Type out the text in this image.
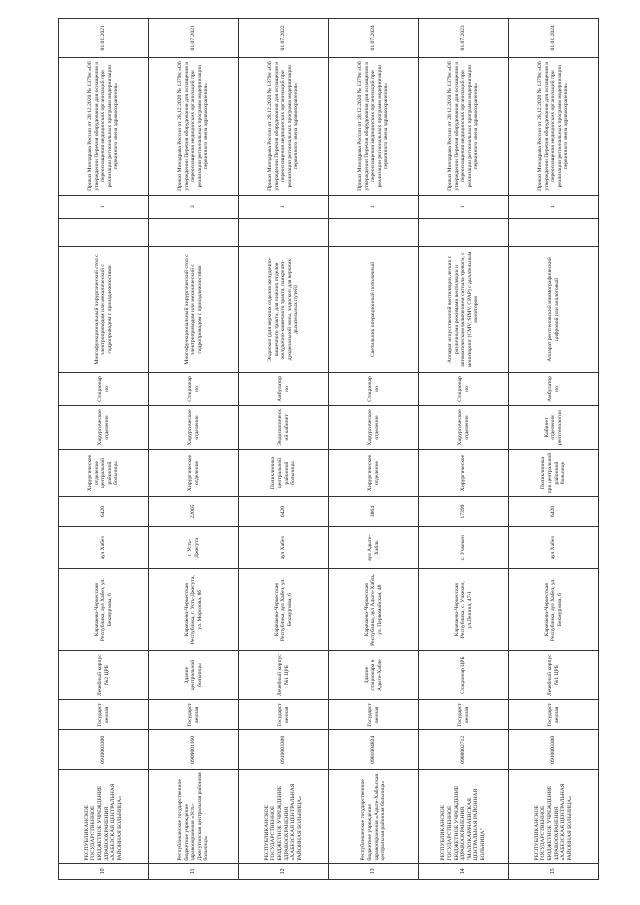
10	РЕСПУБЛИКАНСКОЕ ГОСУДАРСТВЕННОЕ БЮДЖЕТНОЕ УЧРЕЖДЕНИЕ ЗДРАВООХРАНЕНИЯ «ХАБЕЗСКАЯ ЦЕНТРАЛЬНАЯ РАЙОННАЯ БОЛЬНИЦА»	0910003300	Государственная	Лечебный корпус №2 ЦРБ	Карачаево-Черкесская Республика, аул Хабез, ул. Бекмурзова, 6	аул Хабез	6420	Хирургическое отделение центральной районной больницы	Хирургическое отделение	Стационарно	Многофункциональный хирургический стол с электроприводом или механический с гидроприводом с принадлежностями		1	Приказ Минздрава России от 28.12.2020 № 1379н «Об утверждении Перечня оборудования для оснащения и переоснащения медицинских организаций при реализации региональных программ модернизации первичного звена здравоохранения»	01.01.2021
11	Республиканское государственное бюджетное учреждение здравоохранения «Усть-Джегутинская центральная районная больница»	0909001160	Государственная	Здание центральной больницы	Карачаево-Черкесская Республика, г. Усть-Джегута, ул. Морозова, 86	г. Усть-Джегута	22005	Хирургическое отделение	Хирургическое отделение	Стационарно	Многофункциональный хирургический стол с электроприводом или механический с гидроприводом с принадлежностями		3	Приказ Минздрава России от 28.12.2020 № 1379н «Об утверждении Перечня оборудования для оснащения и переоснащения медицинских организаций при реализации региональных программ модернизации первичного звена здравоохранения»	01.07.2021
12	РЕСПУБЛИКАНСКОЕ ГОСУДАРСТВЕННОЕ БЮДЖЕТНОЕ УЧРЕЖДЕНИЕ ЗДРАВООХРАНЕНИЯ «ХАБЕЗСКАЯ ЦЕНТРАЛЬНАЯ РАЙОННАЯ БОЛЬНИЦА»	0910003300	Государственная	Лечебный корпус №1 ЦРБ	Карачаево-Черкесская Республика, аул Хабез, ул. Бекмурзова, 6	аул Хабез	6420	Поликлиника центральной районной больницы	Эндоскопический кабинет	Амбулаторно	Эндоскоп (для верхних отделов желудочно-кишечного тракта, для нижних отделов желудочно-кишечного тракта, панкреато-дуоденальной зоны, эндоскоп для верхних дыхательных путей)		1	Приказ Минздрава России от 28.12.2020 № 1379н «Об утверждении Перечня оборудования для оснащения и переоснащения медицинских организаций при реализации региональных программ модернизации первичного звена здравоохранения»	01.07.2022
13	Республиканское государственное бюджетное учреждение здравоохранения «Адыге-Хабльская центральная районная больница»	0901004824	Государственная	Здание стационара в Адыге-Хабле	Карачаево-Черкесская Республика, аул Адыге-Хабль, ул. Первомайская, 48	аул Адыге-Хабль	3864	Хирургическое отделение	Хирургическое отделение	Стационарно	Светильник операционный потолочный		1	Приказ Минздрава России от 28.12.2020 № 1379н «Об утверждении Перечня оборудования для оснащения и переоснащения медицинских организаций при реализации региональных программ модернизации первичного звена здравоохранения»	01.07.2024
14	РЕСПУБЛИКАНСКОЕ ГОСУДАРСТВЕННОЕ БЮДЖЕТНОЕ УЧРЕЖДЕНИЕ ЗДРАВООХРАНЕНИЯ "МАЛОКАРАЧАЕВСКАЯ ЦЕНТРАЛЬНАЯ РАЙОННАЯ БОЛЬНИЦА"	0908002712	Государственная	Стационар ЦРБ	Карачаево-Черкесская Республика, с. Учкекен, ул.Ленина, 47-1	с. Учкекен	17399	Хирургическое	Хирургическое отделение	Стационарно	Аппарат искусственной вентиляции легких с различными режимами вентиляции и автоматическим включением сигнала тревоги, с мониторинг (CMV, SIMV, CPAP) с дыхательным монитором		1	Приказ Минздрава России от 28.12.2020 № 1379н «Об утверждении Перечня оборудования для оснащения и переоснащения медицинских организаций при реализации региональных программ модернизации первичного звена здравоохранения»	01.07.2023
15	РЕСПУБЛИКАНСКОЕ ГОСУДАРСТВЕННОЕ БЮДЖЕТНОЕ УЧРЕЖДЕНИЕ ЗДРАВООХРАНЕНИЯ «ХАБЕЗСКАЯ ЦЕНТРАЛЬНАЯ РАЙОННАЯ БОЛЬНИЦА»	0910003300	Государственная	Лечебный корпус №1 ЦРБ	Карачаево-Черкесская Республика, аул Хабез, ул. Бекмурзова, 6	аул Хабез	6420	Поликлиника при центральной районной больнице	Кабинет отделения рентгенологии	Амбулаторно	Аппарат рентгеновский маммографический цифровой или аналоговый		1	Приказ Минздрава России от 28.12.2020 № 1379н «Об утверждении Перечня оборудования для оснащения и переоснащения медицинских организаций при реализации региональных программ модернизации первичного звена здравоохранения»	01.01.2024
